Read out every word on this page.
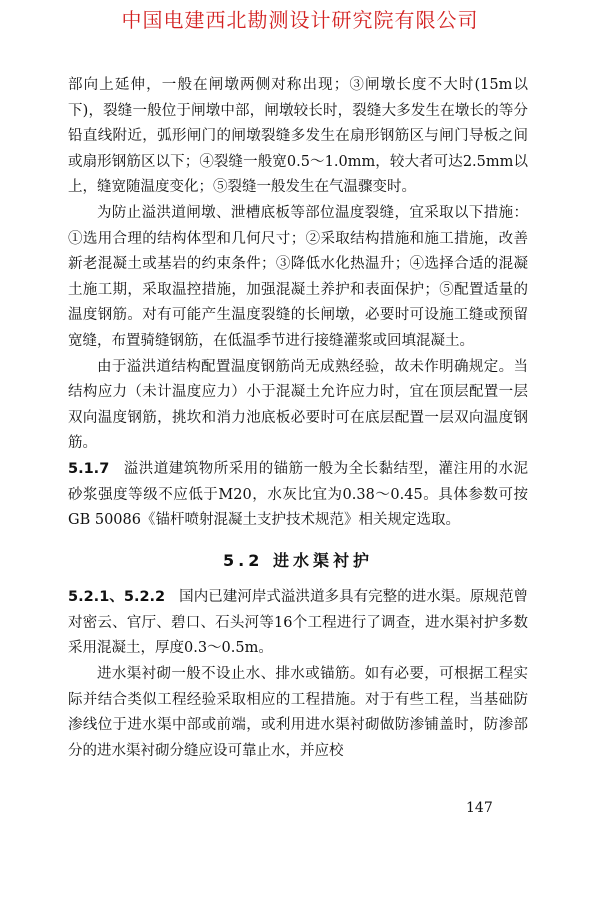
中国电建西北勘测设计研究院有限公司

部向上延伸，一般在闸墩两侧对称出现；③闸墩长度不大时(15m以下)，裂缝一般位于闸墩中部，闸墩较长时，裂缝大多发生在墩长的等分铅直线附近，弧形闸门的闸墩裂缝多发生在扇形钢筋区与闸门导板之间或扇形钢筋区以下；④裂缝一般宽0.5～1.0mm，较大者可达2.5mm以上，缝宽随温度变化；⑤裂缝一般发生在气温骤变时。

为防止溢洪道闸墩、泄槽底板等部位温度裂缝，宜采取以下措施：①选用合理的结构体型和几何尺寸；②采取结构措施和施工措施，改善新老混凝土或基岩的约束条件；③降低水化热温升；④选择合适的混凝土施工期，采取温控措施，加强混凝土养护和表面保护；⑤配置适量的温度钢筋。对有可能产生温度裂缝的长闸墩，必要时可设施工缝或预留宽缝，布置骑缝钢筋，在低温季节进行接缝灌浆或回填混凝土。

由于溢洪道结构配置温度钢筋尚无成熟经验，故未作明确规定。当结构应力（未计温度应力）小于混凝土允许应力时，宜在顶层配置一层双向温度钢筋，挑坎和消力池底板必要时可在底层配置一层双向温度钢筋。

5.1.7 溢洪道建筑物所采用的锚筋一般为全长黏结型，灌注用的水泥砂浆强度等级不应低于M20，水灰比宜为0.38～0.45。具体参数可按GB 50086《锚杆喷射混凝土支护技术规范》相关规定选取。

5.2 进水渠衬护

5.2.1、5.2.2 国内已建河岸式溢洪道多具有完整的进水渠。原规范曾对密云、官厅、碧口、石头河等16个工程进行了调查，进水渠衬护多数采用混凝土，厚度0.3～0.5m。

进水渠衬砌一般不设止水、排水或锚筋。如有必要，可根据工程实际并结合类似工程经验采取相应的工程措施。对于有些工程，当基础防渗线位于进水渠中部或前端，或利用进水渠衬砌做防渗铺盖时，防渗部分的进水渠衬砌分缝应设可靠止水，并应校

147
